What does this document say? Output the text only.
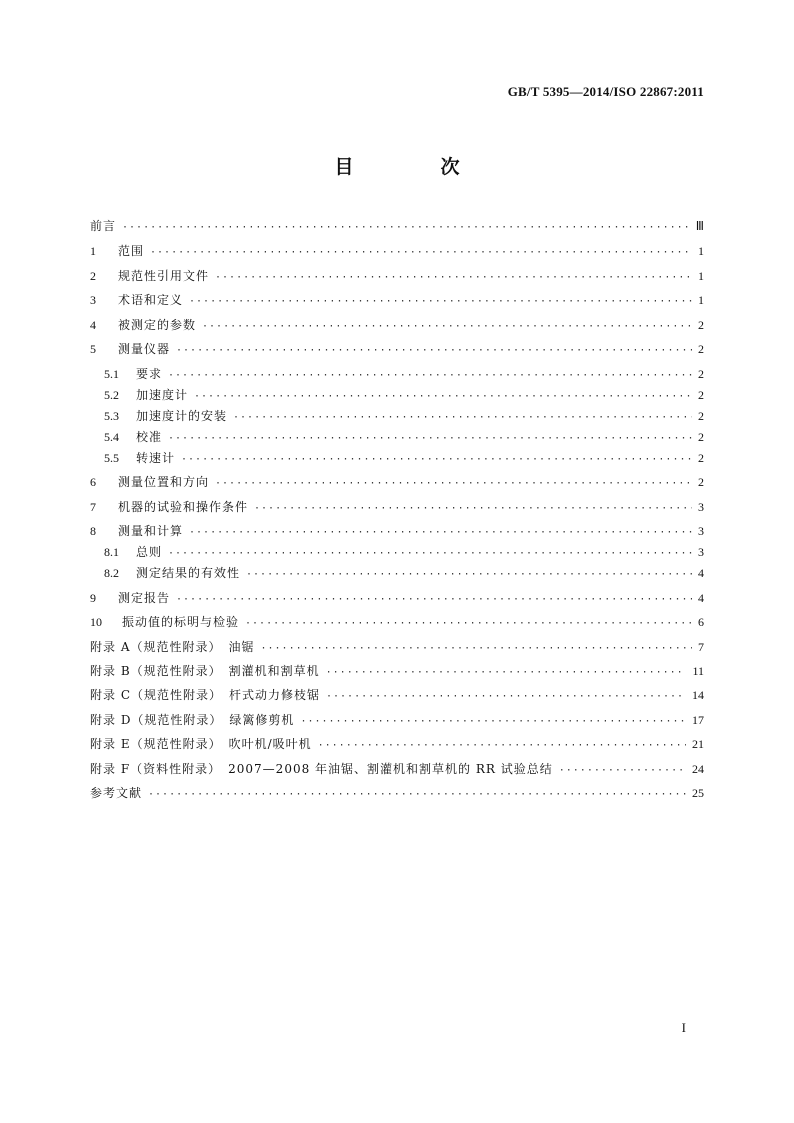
GB/T 5395—2014/ISO 22867:2011
目　次
前言 ·····	Ⅲ
1	范围 ·····	1
2	规范性引用文件 ·····	1
3	术语和定义 ·····	1
4	被测定的参数 ·····	2
5	测量仪器 ·····	2
5.1	要求 ·····	2
5.2	加速度计 ·····	2
5.3	加速度计的安装 ·····	2
5.4	校准 ·····	2
5.5	转速计 ·····	2
6	测量位置和方向 ·····	2
7	机器的试验和操作条件 ·····	3
8	测量和计算 ·····	3
8.1	总则 ·····	3
8.2	测定结果的有效性 ·····	4
9	测定报告 ·····	4
10	振动值的标明与检验 ·····	6
附录 A（规范性附录）　油锯 ·····	7
附录 B（规范性附录）　割灌机和割草机 ·····	11
附录 C（规范性附录）　杆式动力修枝锯 ·····	14
附录 D（规范性附录）　绿篱修剪机 ·····	17
附录 E（规范性附录）　吹叶机/吸叶机 ·····	21
附录 F（资料性附录）　2007—2008 年油锯、割灌机和割草机的 RR 试验总结 ·····	24
参考文献 ·····	25
I
